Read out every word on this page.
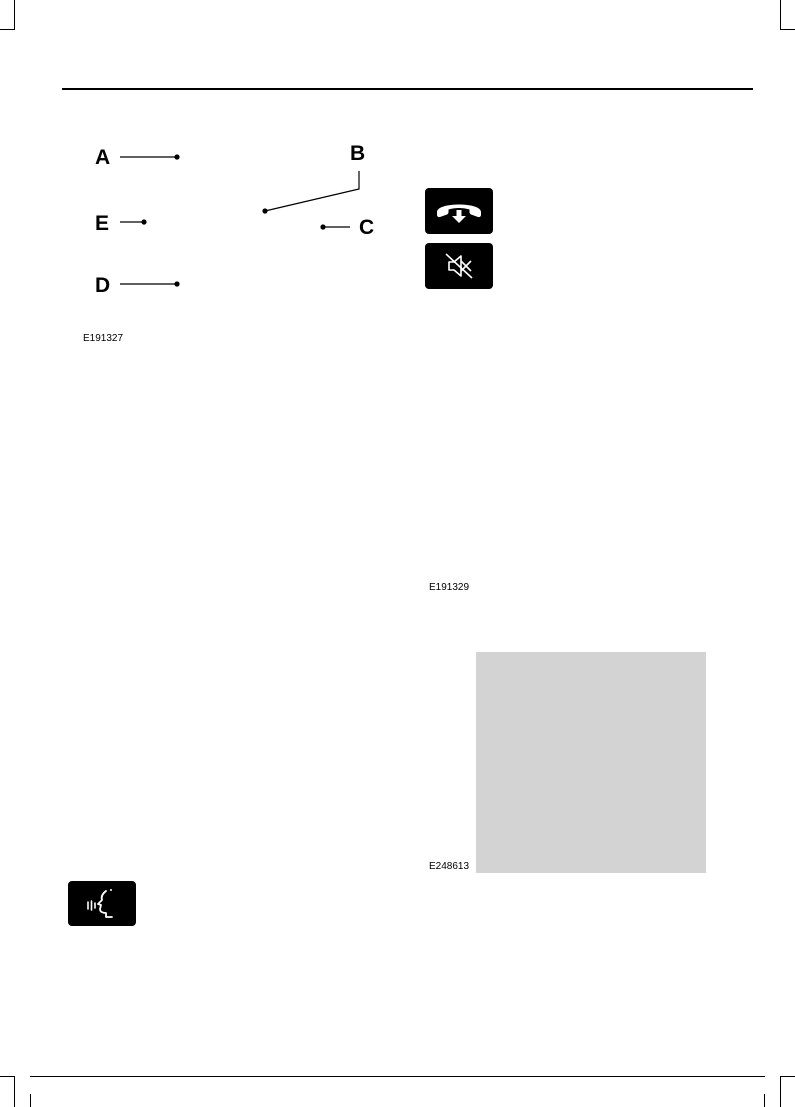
A	B
E	C
D
E191327
E191329
E248613
